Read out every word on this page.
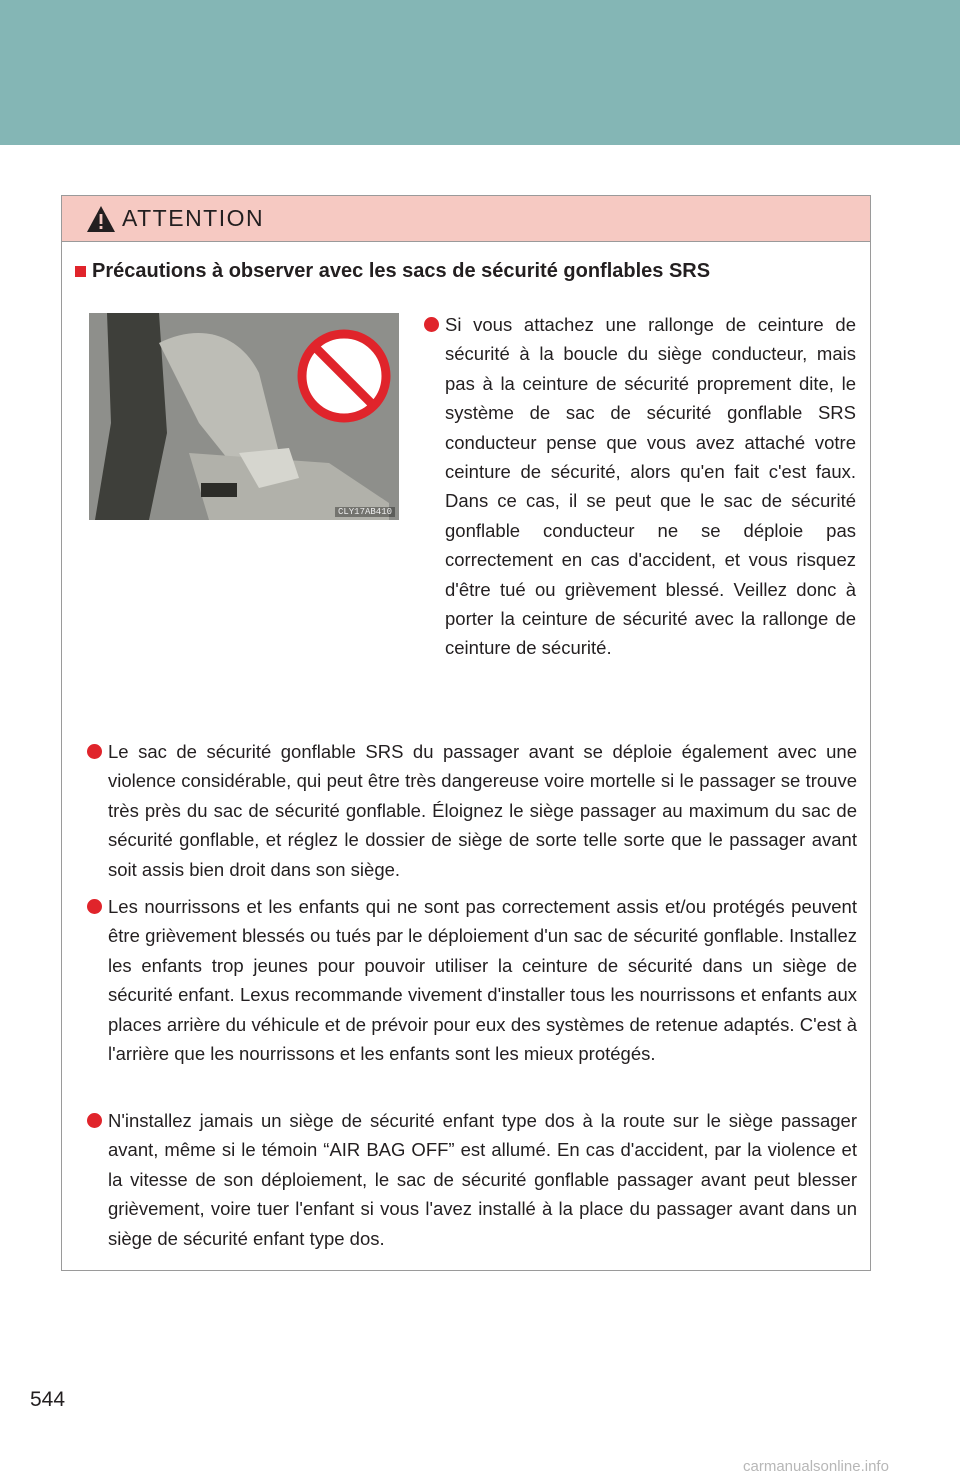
ATTENTION
Précautions à observer avec les sacs de sécurité gonflables SRS
CLY17AB410
Si vous attachez une rallonge de ceinture de sécurité à la boucle du siège conducteur, mais pas à la ceinture de sécurité proprement dite, le système de sac de sécurité gonflable SRS conducteur pense que vous avez attaché votre ceinture de sécurité, alors qu'en fait c'est faux. Dans ce cas, il se peut que le sac de sécurité gonflable conducteur ne se déploie pas correctement en cas d'accident, et vous risquez d'être tué ou grièvement blessé. Veillez donc à porter la ceinture de sécurité avec la rallonge de ceinture de sécurité.
Le sac de sécurité gonflable SRS du passager avant se déploie également avec une violence considérable, qui peut être très dangereuse voire mortelle si le passager se trouve très près du sac de sécurité gonflable. Éloignez le siège passager au maximum du sac de sécurité gonflable, et réglez le dossier de siège de sorte telle sorte que le passager avant soit assis bien droit dans son siège.
Les nourrissons et les enfants qui ne sont pas correctement assis et/ou protégés peuvent être grièvement blessés ou tués par le déploiement d'un sac de sécurité gonflable. Installez les enfants trop jeunes pour pouvoir utiliser la ceinture de sécurité dans un siège de sécurité enfant. Lexus recommande vivement d'installer tous les nourrissons et enfants aux places arrière du véhicule et de prévoir pour eux des systèmes de retenue adaptés. C'est à l'arrière que les nourrissons et les enfants sont les mieux protégés.
N'installez jamais un siège de sécurité enfant type dos à la route sur le siège passager avant, même si le témoin “AIR BAG OFF” est allumé. En cas d'accident, par la violence et la vitesse de son déploiement, le sac de sécurité gonflable passager avant peut blesser grièvement, voire tuer l'enfant si vous l'avez installé à la place du passager avant dans un siège de sécurité enfant type dos.
544
carmanualsonline.info
